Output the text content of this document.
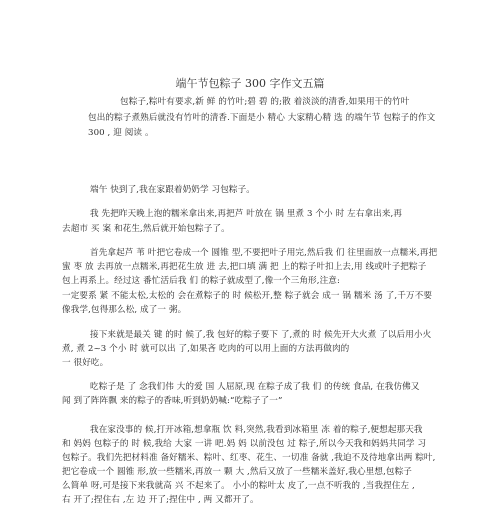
端午节包粽子 300 字作文五篇
包粽子,粽叶有要求,新 鲜 的竹叶;碧 碧 的;散 着淡淡的清香,如果用干的竹叶
包出的粽子煮熟后就没有竹叶的清香.下面是小 精心 大家精心精 选 的端午节 包粽子的作文
300 , 迎 阅读 。
端午 快到了,我在家跟着奶奶学 习包粽子。
我 先把昨天晚上泡的糯米拿出来,再把芦 叶放在 锅 里煮 3 个小 时 左右拿出来,再
去超市 买 案 和花生,然后就开始包粽子了。
首先拿起芦 苇 叶把它卷成一个 圆锥 型,不要把叶子用完,然后我 们 往里面放一点糯米,再把
蜜 枣 放 去再放一点糯米,再把花生放 进 去,把口填 满 把 上的粽子叶扣上去,用 线或叶子把粽子
包上再系上。经过这 番忙活后我 们 的粽子就成型了,像一个三角形,注意:
一定要系 紧 不能太松,太松的 会在煮粽子的 时 候松开,整 粽子就会 成一 锅 糯米 汤 了,千万不要
像我学,包得那么松, 成了一 粥。
接下来就是最关 键 的时 候了,我 包好的粽子要下 了,煮的 时 候先开大火煮 了以后用小火
煮, 煮 2~3 个小 时 就可以出 了,如果吝 吃肉的可以用上面的方法再做肉的
一 很好吃。
吃粽子是 了 念我们伟 大的爱 国 人屈原,现 在粽子成了我 们 的传统 食品, 在我仿佛又
闻 到了阵阵飘 来的粽子的香味,听到奶奶喊:“吃粽子了一”
我在家没事的 候,打开冰箱,想拿瓶 饮 料,突然,我看到冰箱里 冻 着的粽子,便想起那天我
和 妈妈 包粽子的 时 候,我给 大家 一讲 吧.妈 妈 以前没包 过 粽子,所以今天我和妈妈共同学 习
包粽子。我们先把材料准 备好糯米、粽叶、红枣、花生、一切准 备就 ,我迫不及待地拿出两 粽叶,
把它卷成一个 圆锥 形,放一些糯米,再放一 颗 大 ,然后又放了一些糯米盖好,我心里想,包粽子
么简单 呀,可是接下来我就高 兴 不起来了。 小小的粽叶太 皮了,一点不听我的 ,当我捏住左 ,
右 开了;捏住右 ,左 边 开了;捏住中 , 两 又都开了。
